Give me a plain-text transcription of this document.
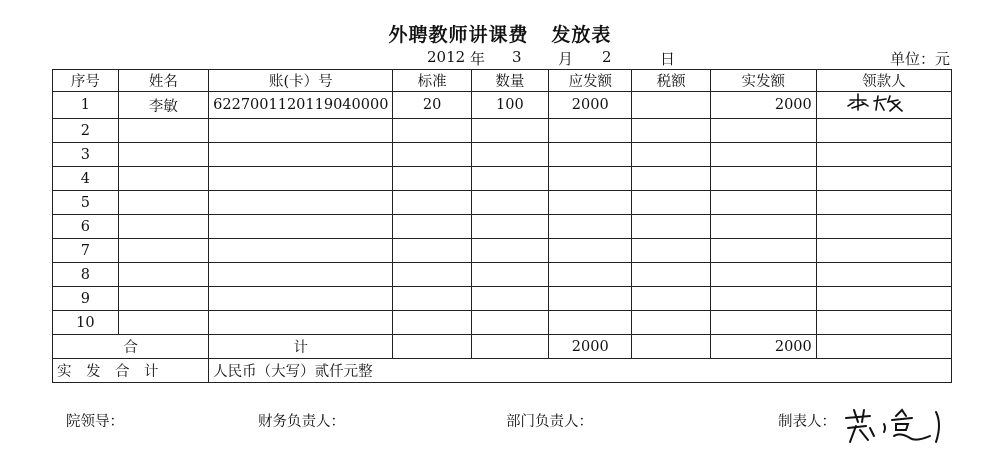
外聘教师讲课费 发放表
2012 年 3 月 2	日	单位：元
序号	姓名	账(卡）号	标准	数量	应发额	税额	实发额	领款人
1	李敏	6227001120119040000	20	100	2000		2000	
2								
3								
4								
5								
6								
7								
8								
9								
10								
合		计			2000		2000	
实　发　合　计		人民币（大写）贰仟元整						
院领导：	财务负责人：	部门负责人：	制表人：
